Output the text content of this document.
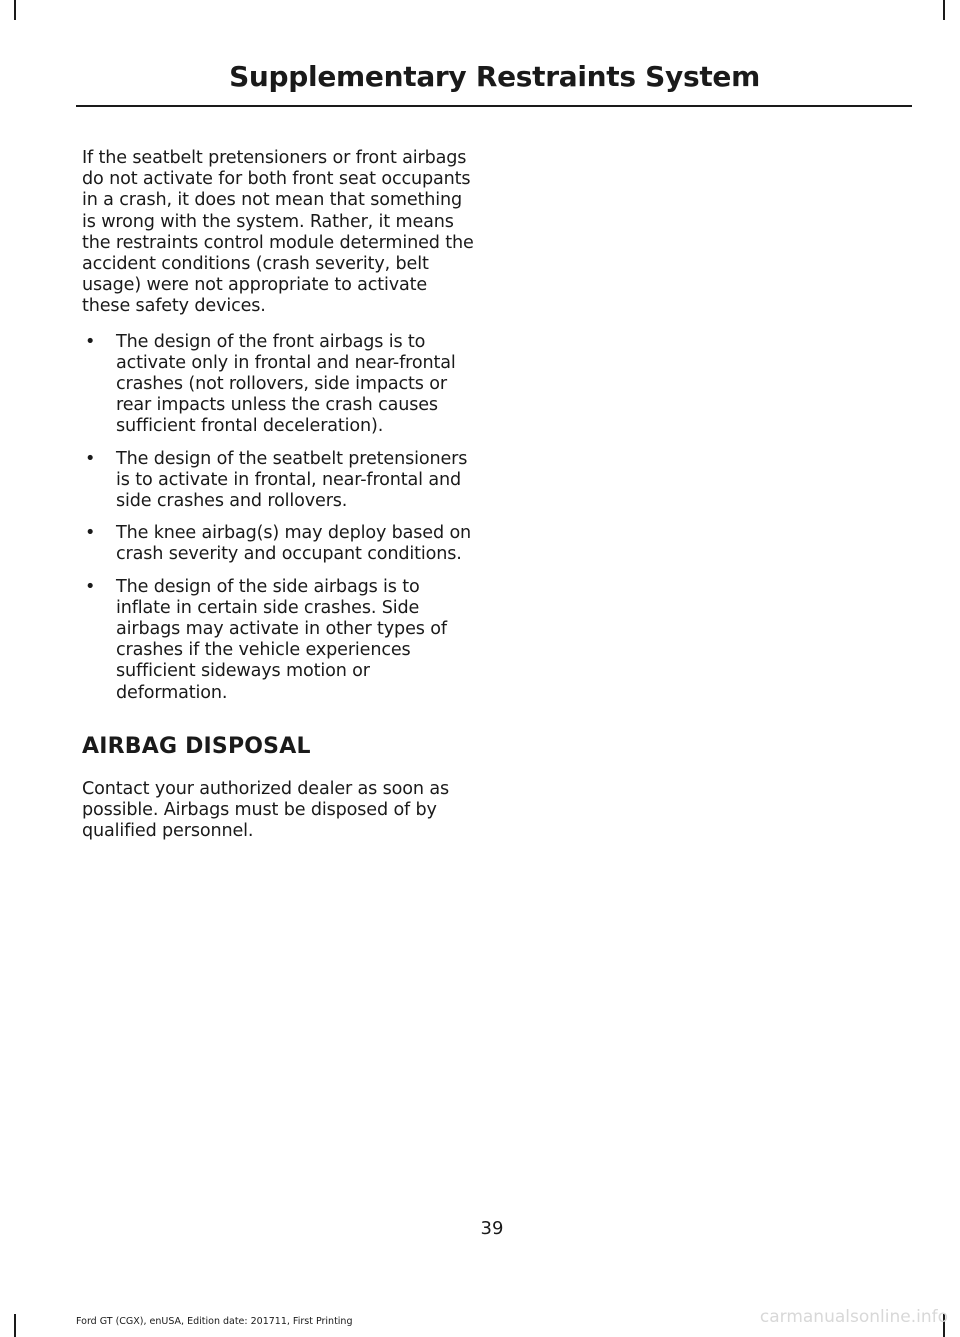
Supplementary Restraints System

If the seatbelt pretensioners or front airbags do not activate for both front seat occupants in a crash, it does not mean that something is wrong with the system. Rather, it means the restraints control module determined the accident conditions (crash severity, belt usage) were not appropriate to activate these safety devices.

• The design of the front airbags is to activate only in frontal and near-frontal crashes (not rollovers, side impacts or rear impacts unless the crash causes sufficient frontal deceleration).
• The design of the seatbelt pretensioners is to activate in frontal, near-frontal and side crashes and rollovers.
• The knee airbag(s) may deploy based on crash severity and occupant conditions.
• The design of the side airbags is to inflate in certain side crashes. Side airbags may activate in other types of crashes if the vehicle experiences sufficient sideways motion or deformation.
AIRBAG DISPOSAL

Contact your authorized dealer as soon as possible. Airbags must be disposed of by qualified personnel.

39
Ford GT (CGX), enUSA, Edition date: 201711, First Printing	carmanualsonline.info
